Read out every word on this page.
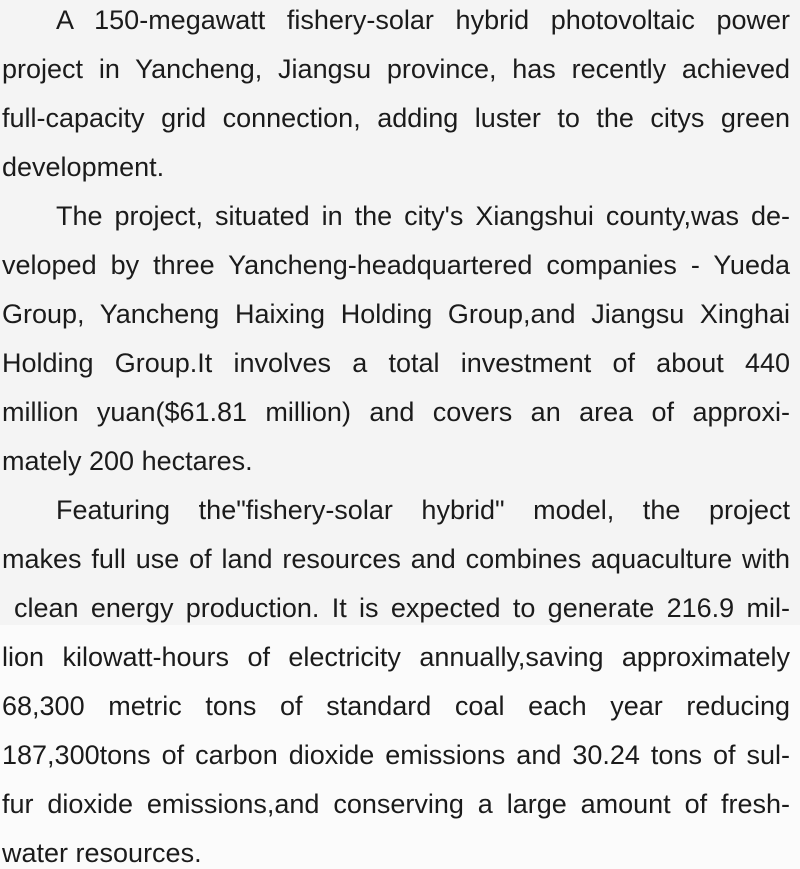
A 150-megawatt fishery-solar hybrid photovoltaic power
project in Yancheng, Jiangsu province, has recently achieved
full-capacity grid connection, adding luster to the citys green
development.
The project, situated in the city's Xiangshui county,was de-
veloped by three Yancheng-headquartered companies - Yueda
Group, Yancheng Haixing Holding Group,and Jiangsu Xinghai
Holding Group.It involves a total investment of about 440
million yuan($61.81 million) and covers an area of approxi-
mately 200 hectares.
Featuring the"fishery-solar hybrid" model, the project
makes full use of land resources and combines aquaculture with
clean energy production. It is expected to generate 216.9 mil-
lion kilowatt-hours of electricity annually,saving approximately
68,300 metric tons of standard coal each year reducing
187,300tons of carbon dioxide emissions and 30.24 tons of sul-
fur dioxide emissions,and conserving a large amount of fresh-
water resources.
